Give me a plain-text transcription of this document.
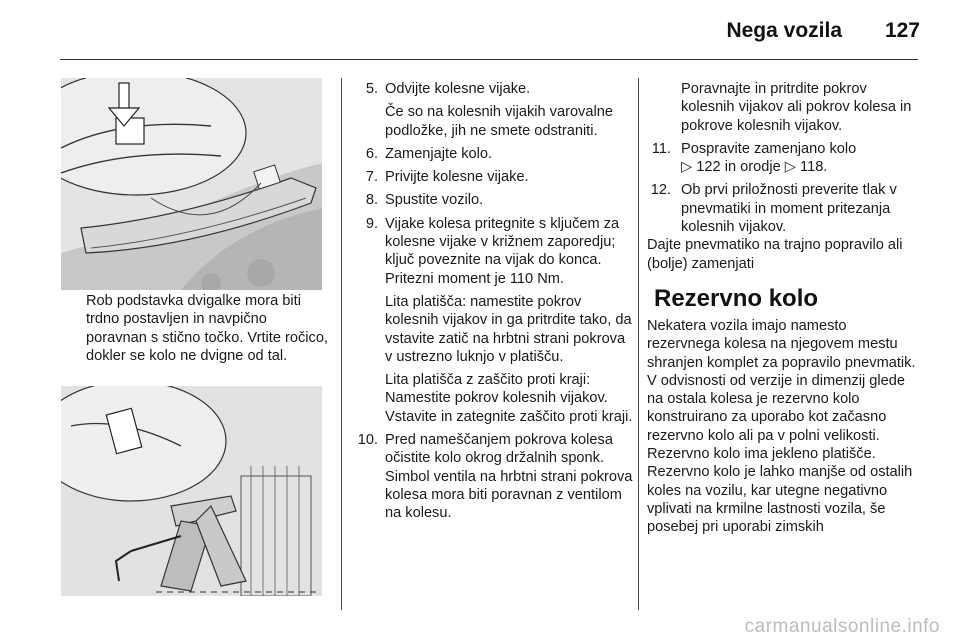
Nega vozila 127
Rob podstavka dvigalke mora biti trdno postavljen in navpično poravnan s stično točko. Vrtite ročico, dokler se kolo ne dvigne od tal.
5. Odvijte kolesne vijake.
Če so na kolesnih vijakih varovalne podložke, jih ne smete odstraniti.
6. Zamenjajte kolo.
7. Privijte kolesne vijake.
8. Spustite vozilo.
9. Vijake kolesa pritegnite s ključem za kolesne vijake v križnem zaporedju; ključ poveznite na vijak do konca. Pritezni moment je 110 Nm.
Lita platišča: namestite pokrov kolesnih vijakov in ga pritrdite tako, da vstavite zatič na hrbtni strani pokrova v ustrezno luknjo v platišču.
Lita platišča z zaščito proti kraji: Namestite pokrov kolesnih vijakov. Vstavite in zategnite zaščito proti kraji.
10. Pred nameščanjem pokrova kolesa očistite kolo okrog držalnih sponk. Simbol ventila na hrbtni strani pokrova kolesa mora biti poravnan z ventilom na kolesu.
Poravnajte in pritrdite pokrov kolesnih vijakov ali pokrov kolesa in pokrove kolesnih vijakov.
11. Pospravite zamenjano kolo
▷ 122 in orodje ▷ 118.
12. Ob prvi priložnosti preverite tlak v pnevmatiki in moment pritezanja kolesnih vijakov.

Dajte pnevmatiko na trajno popravilo ali (bolje) zamenjati

Rezervno kolo

Nekatera vozila imajo namesto rezervnega kolesa na njegovem mestu shranjen komplet za popravilo pnevmatik.

V odvisnosti od verzije in dimenzij glede na ostala kolesa je rezervno kolo konstruirano za uporabo kot začasno rezervno kolo ali pa v polni velikosti.

Rezervno kolo ima jekleno platišče.

Rezervno kolo je lahko manjše od ostalih koles na vozilu, kar utegne negativno vplivati na krmilne lastnosti vozila, še posebej pri uporabi zimskih

carmanualsonline.info
